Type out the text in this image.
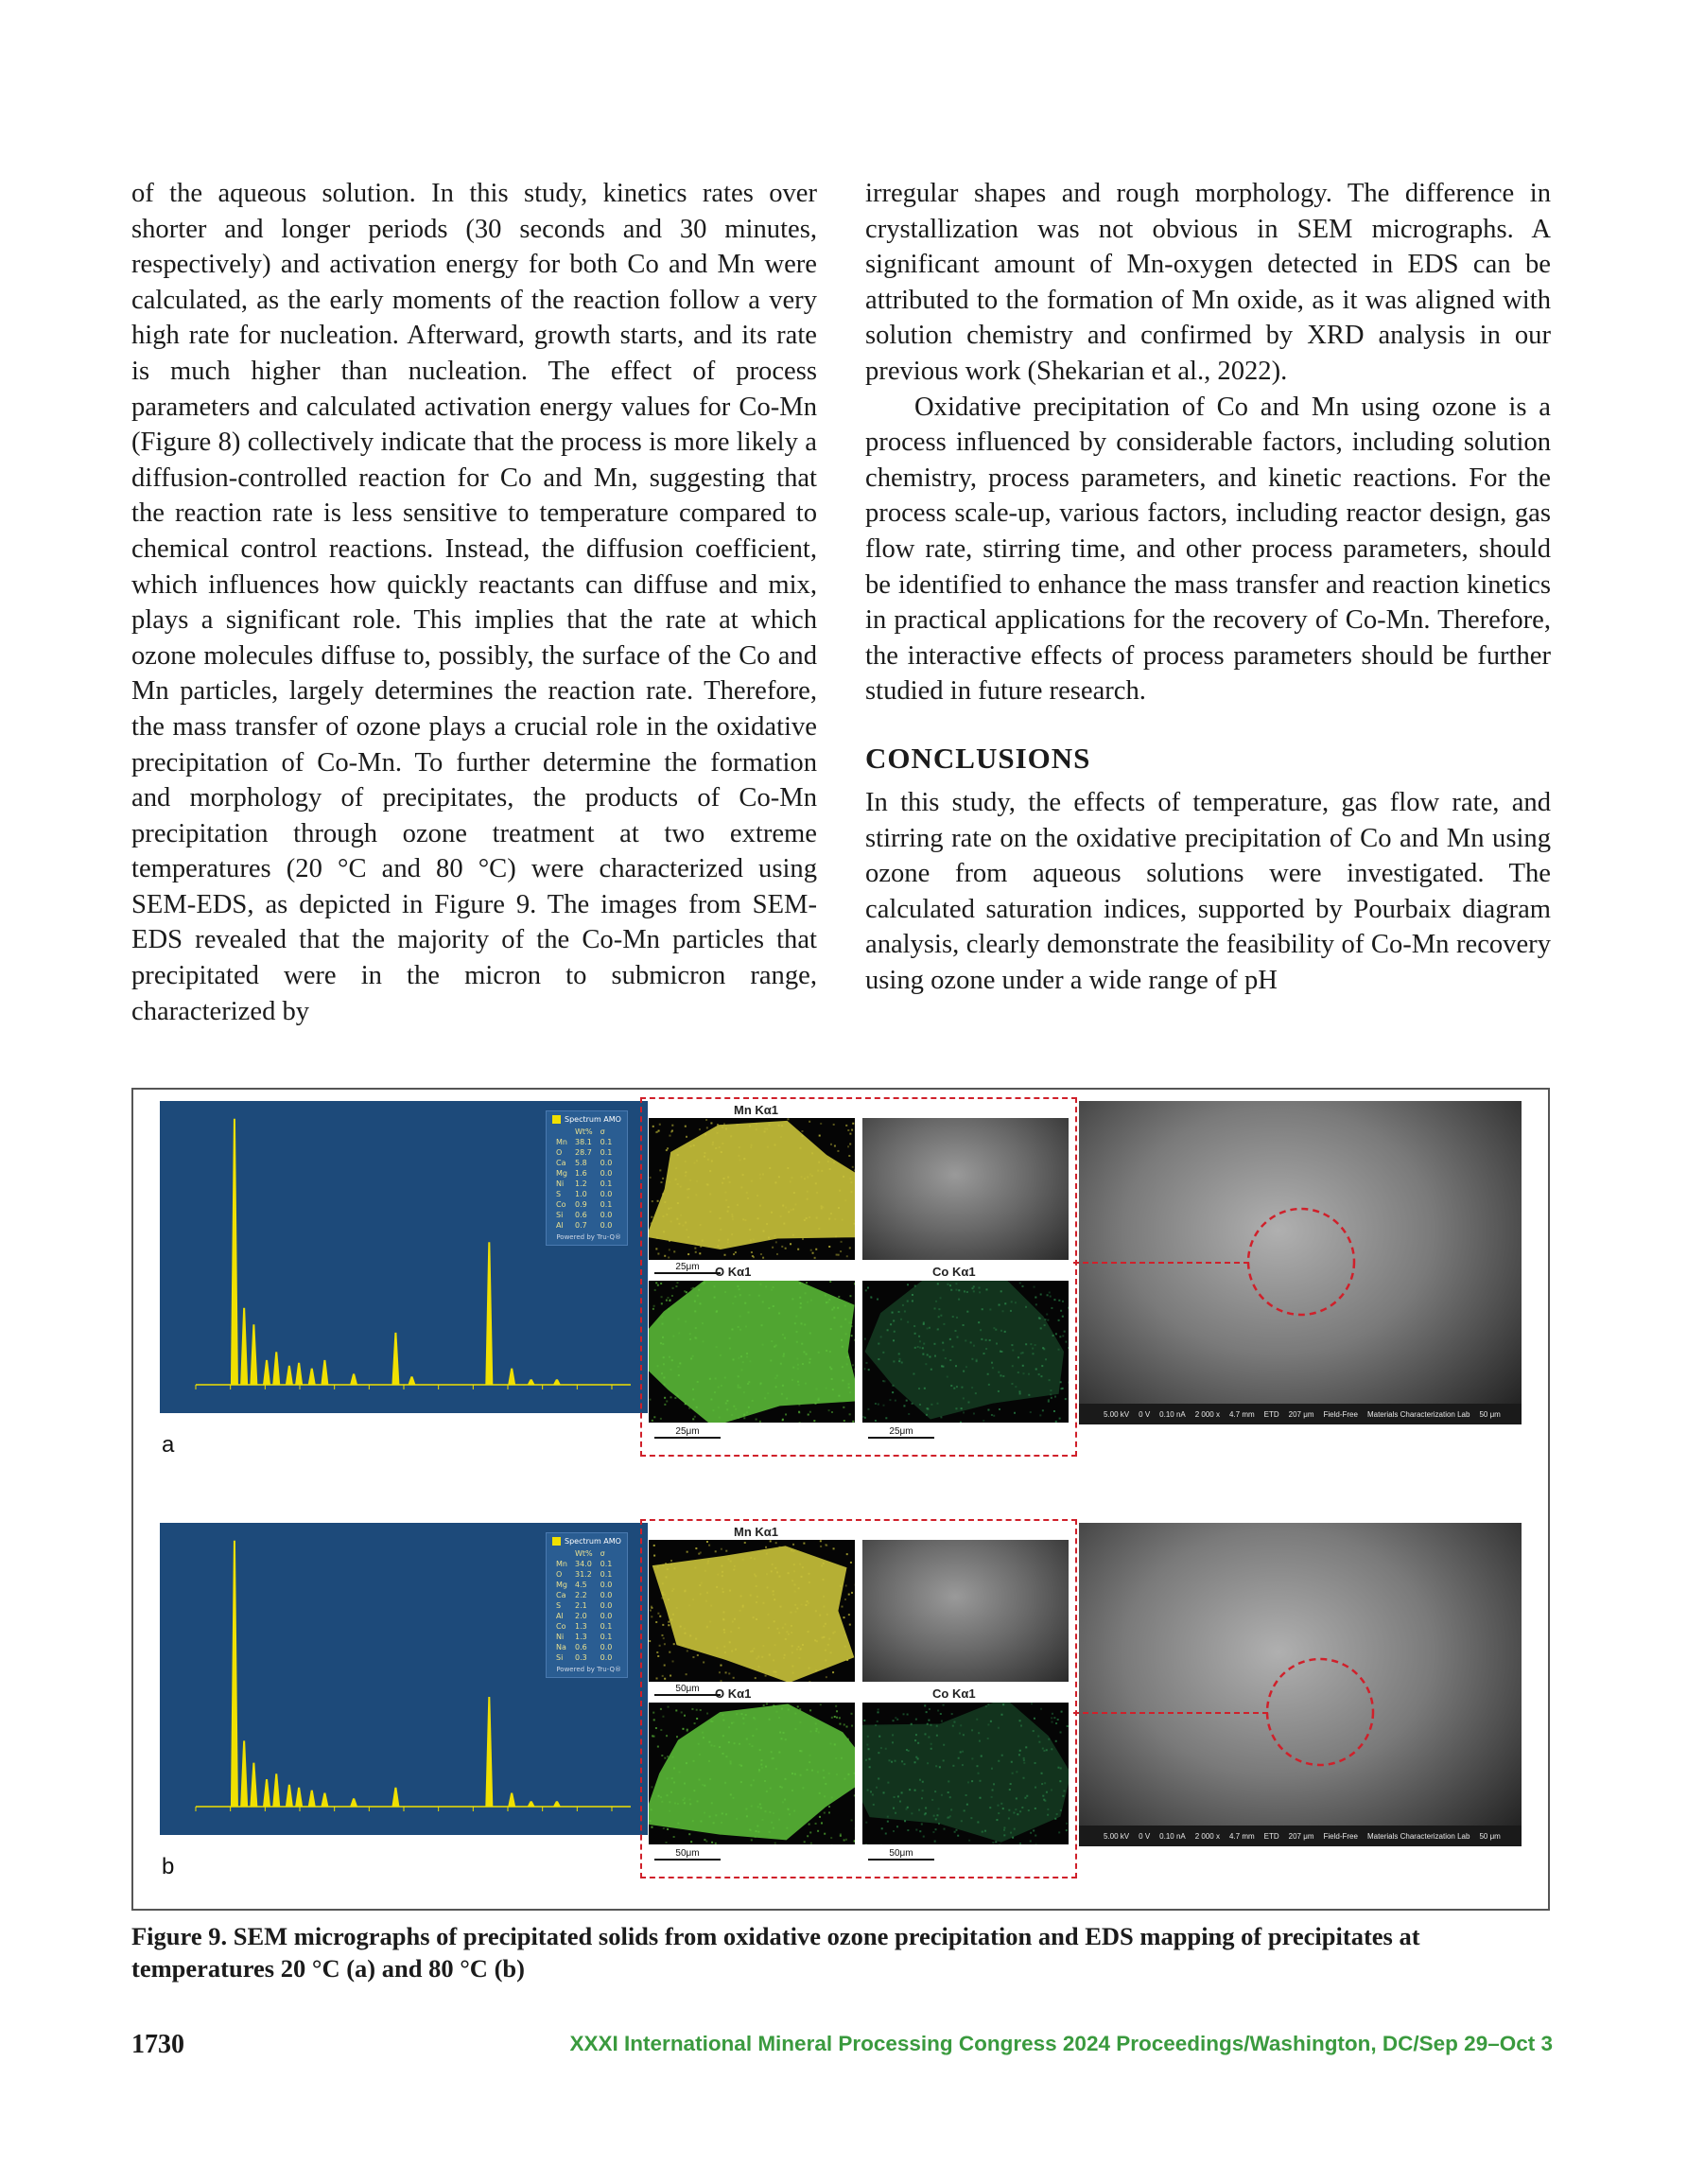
of the aqueous solution. In this study, kinetics rates over shorter and longer periods (30 seconds and 30 minutes, respectively) and activation energy for both Co and Mn were calculated, as the early moments of the reaction follow a very high rate for nucleation. Afterward, growth starts, and its rate is much higher than nucleation. The effect of process parameters and calculated activation energy values for Co-Mn (Figure 8) collectively indicate that the process is more likely a diffusion-controlled reaction for Co and Mn, suggesting that the reaction rate is less sensitive to temperature compared to chemical control reactions. Instead, the diffusion coefficient, which influences how quickly reactants can diffuse and mix, plays a significant role. This implies that the rate at which ozone molecules diffuse to, possibly, the surface of the Co and Mn particles, largely determines the reaction rate. Therefore, the mass transfer of ozone plays a crucial role in the oxidative precipitation of Co-Mn. To further determine the formation and morphology of precipitates, the products of Co-Mn precipitation through ozone treatment at two extreme temperatures (20 °C and 80 °C) were characterized using SEM-EDS, as depicted in Figure 9. The images from SEM-EDS revealed that the majority of the Co-Mn particles that precipitated were in the micron to submicron range, characterized by

irregular shapes and rough morphology. The difference in crystallization was not obvious in SEM micrographs. A significant amount of Mn-oxygen detected in EDS can be attributed to the formation of Mn oxide, as it was aligned with solution chemistry and confirmed by XRD analysis in our previous work (Shekarian et al., 2022).

Oxidative precipitation of Co and Mn using ozone is a process influenced by considerable factors, including solution chemistry, process parameters, and kinetic reactions. For the process scale-up, various factors, including reactor design, gas flow rate, stirring time, and other process parameters, should be identified to enhance the mass transfer and reaction kinetics in practical applications for the recovery of Co-Mn. Therefore, the interactive effects of process parameters should be further studied in future research.

CONCLUSIONS

In this study, the effects of temperature, gas flow rate, and stirring rate on the oxidative precipitation of Co and Mn using ozone from aqueous solutions were investigated. The calculated saturation indices, supported by Pourbaix diagram analysis, clearly demonstrate the feasibility of Co-Mn recovery using ozone under a wide range of pH

Spectrum AMO
	Wt%	σ
Mn	38.1	0.1
O	28.7	0.1
Ca	5.8	0.0
Mg	1.6	0.0
Ni	1.2	0.1
S	1.0	0.0
Co	0.9	0.1
Si	0.6	0.0
Al	0.7	0.0
Powered by Tru-Q®
a
Mn Kα1
O Kα1	Co Kα1
25μm
25μm	25μm
5.00 kV 0 V 0.10 nA 2 000 x 4.7 mm ETD 207 μm Field-Free Materials Characterization Lab 50 μm
Spectrum AMO
	Wt%	σ
Mn	34.0	0.1
O	31.2	0.1
Mg	4.5	0.0
Ca	2.2	0.0
S	2.1	0.0
Al	2.0	0.0
Co	1.3	0.1
Ni	1.3	0.1
Na	0.6	0.0
Si	0.3	0.0
Powered by Tru-Q®
b
Mn Kα1
O Kα1	Co Kα1
50μm
50μm	50μm
5.00 kV 0 V 0.10 nA 2 000 x 4.7 mm ETD 207 μm Field-Free Materials Characterization Lab 50 μm
Figure 9. SEM micrographs of precipitated solids from oxidative ozone precipitation and EDS mapping of precipitates at temperatures 20 °C (a) and 80 °C (b)
1730	XXXI International Mineral Processing Congress 2024 Proceedings/Washington, DC/Sep 29–Oct 3
